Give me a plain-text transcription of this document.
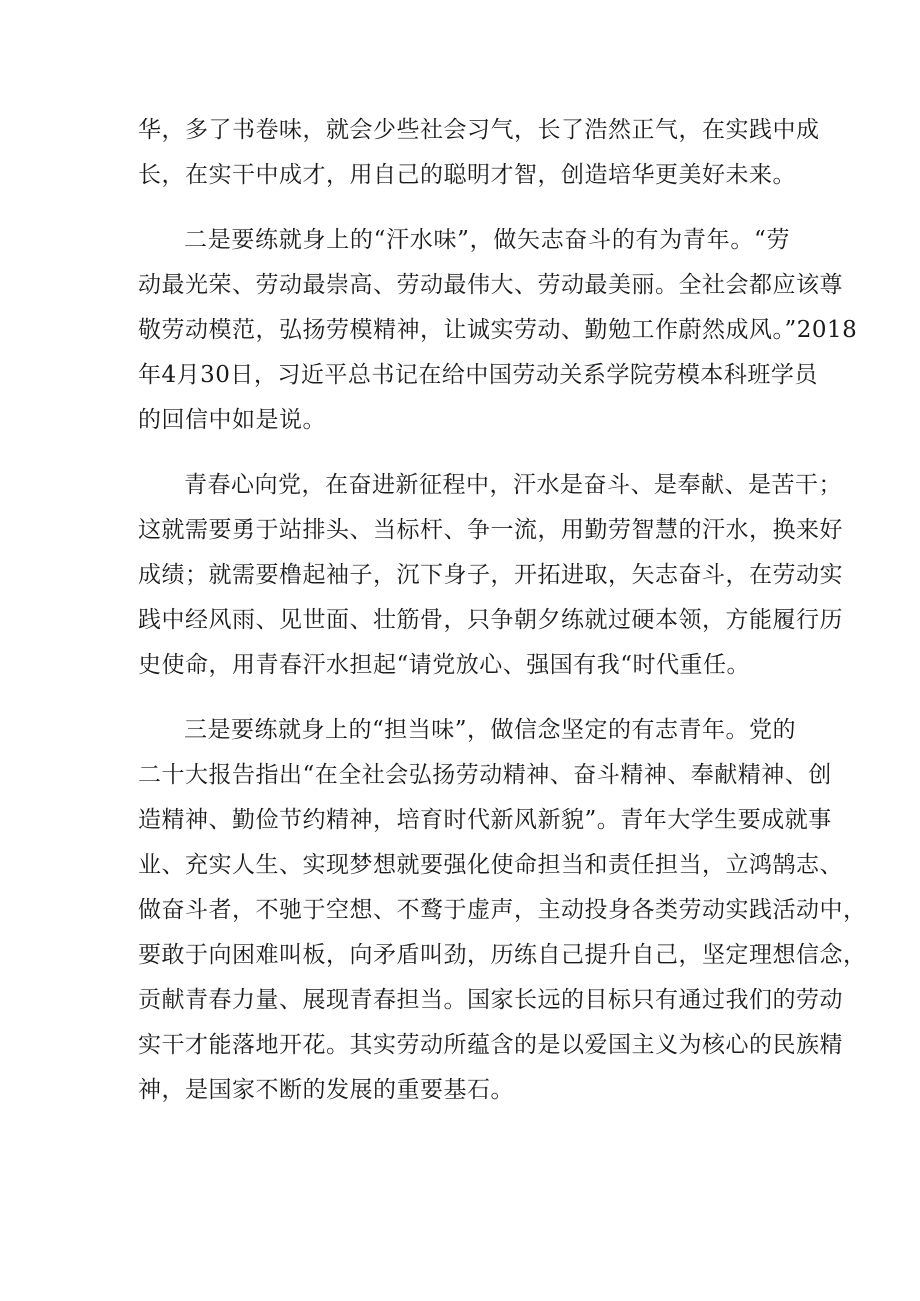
华，多了书卷味，就会少些社会习气，长了浩然正气，在实践中成
长，在实干中成才，用自己的聪明才智，创造培华更美好未来。
二是要练就身上的“汗水味”，做矢志奋斗的有为青年。“劳
动最光荣、劳动最崇高、劳动最伟大、劳动最美丽。全社会都应该尊
敬劳动模范，弘扬劳模精神，让诚实劳动、勤勉工作蔚然成风。”2018
年4月30日，习近平总书记在给中国劳动关系学院劳模本科班学员
的回信中如是说。
青春心向党，在奋进新征程中，汗水是奋斗、是奉献、是苦干；
这就需要勇于站排头、当标杆、争一流，用勤劳智慧的汗水，换来好
成绩；就需要橹起袖子，沉下身子，开拓进取，矢志奋斗，在劳动实
践中经风雨、见世面、壮筋骨，只争朝夕练就过硬本领，方能履行历
史使命，用青春汗水担起“请党放心、强国有我“时代重任。
三是要练就身上的“担当味”，做信念坚定的有志青年。党的
二十大报告指出“在全社会弘扬劳动精神、奋斗精神、奉献精神、创
造精神、勤俭节约精神，培育时代新风新貌”。青年大学生要成就事
业、充实人生、实现梦想就要强化使命担当和责任担当，立鸿鹄志、
做奋斗者，不驰于空想、不鹜于虚声，主动投身各类劳动实践活动中，
要敢于向困难叫板，向矛盾叫劲，历练自己提升自己，坚定理想信念，
贡献青春力量、展现青春担当。国家长远的目标只有通过我们的劳动
实干才能落地开花。其实劳动所蕴含的是以爱国主义为核心的民族精
神，是国家不断的发展的重要基石。
